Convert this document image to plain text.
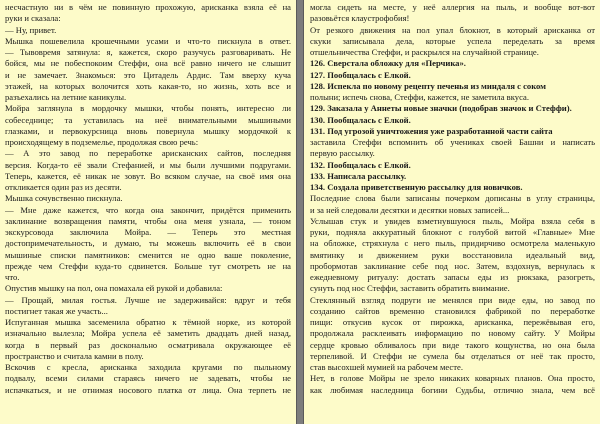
несчастную ни в чём не повинную прохожую, арисканка взяла её на
руки и сказала:
— Ну, привет.
Мышка пошевелила крошечными усами и что-то пискнула в ответ.
— Тывовремя затянула: я, кажется, скоро разучусь разговаривать. Не
бойся, мы не побеспокоим Стеффи, она всё равно ничего не слышит
и не замечает. Знакомься: это Цитадель Ардис. Там вверху куча
этажей, на которых волочится хоть какая-то, но жизнь, хоть все и
разъехались на летние каникулы.
Мойра заглянула в мордочку мышки, чтобы понять, интересно ли
собеседнице; та уставилась на неё внимательными мышиными
глазками, и первокурсница вновь повернула мышку мордочкой к
происходящему в подземелье, продолжая свою речь:
— А это завод по переработке арисканских сайтов, последняя
версия. Когда-то её звали Стефанией, и мы были лучшими подругами.
Теперь, кажется, её никак не зовут. Во всяком случае, на своё имя она
откликается один раз из десяти.
Мышка сочувственно пискнула.
— Мне даже кажется, что когда она закончит, придётся применить
заклинание возвращения памяти, чтобы она меня узнала, — тоном
экскурсовода заключила Мойра. — Теперь это местная
достопримечательность, и думаю, ты можешь включить её в свои
мышиные списки памятников: сменится не одно ваше поколение,
прежде чем Стеффи куда-то сдвинется. Больше тут смотреть не на
что.
Опустив мышку на пол, она помахала ей рукой и добавила:
— Прощай, милая гостья. Лучше не задерживайся: вдруг и тебя
постигнет такая же участь...
Испуганная мышка засеменила обратно к тёмной норке, из которой
изначально вылезла; Мойра успела её заметить двадцать дней назад,
когда в первый раз досконально осматривала окружающее её
пространство и считала камни в полу.
Вскочив с кресла, арисканка заходила кругами по пыльному
подвалу, всеми силами стараясь ничего не задевать, чтобы не
испачкаться, и не отнимая носового платка от лица. Она терпеть не
могла сидеть на месте, у неё аллергия на пыль, и вообще вот-вот
разовьётся клаустрофобия!
От резкого движения на пол упал блокнот, в который арисканка от
скуки записывала дела, которые успела переделать за время
отшельничества Стеффи, и раскрылся на случайной странице.
126. Сверстала обложку для «Перчика».
127. Пообщалась с Елкой.
128. Испекла по новому рецепту печенья из миндаля с соком
полыни; испечь снова, Стеффи, кажется, не заметила вкуса.
129. Заказала у Аннеты новые значки (подобрав значок и Стеффи).
130. Пообщалась с Елкой.
131. Под угрозой уничтожения уже разработанной части сайта
заставила Стеффи вспомнить об учениках своей Башни и написать
первую рассылку.
132. Пообщалась с Елкой.
133. Написала рассылку.
134. Создала приветственную рассылку для новичков.
Последние слова были записаны почерком дописаны в углу страницы,
и за ней следовали десятки и десятки новых записей...
Услышав стук и увидев взметнувшуюся пыль, Мойра взяла себя в
руки, подняла аккуратный блокнот с голубой витой «Главные» Мне
на обложке, стряхнула с него пыль, придирчиво осмотрела маленькую
вмятинку и движением руки восстановила идеальный вид,
пробормотав заклинание себе под нос. Затем, вздохнув, вернулась к
ежедневному ритуалу: достать запасы еды из рюкзака, разогреть,
сунуть под нос Стеффи, заставить обратить внимание.
Стеклянный взгляд подруги не менялся при виде еды, но завод по
созданию сайтов временно становился фабрикой по переработке
пищи: откусив кусок от пирожка, арисканка, пережёвывая его,
продолжала расклеивать информацию по новому сайту. У Мойры
сердце кровью обливалось при виде такого кощунства, но она была
терпеливой. И Стеффи не сумела бы отделаться от неё так просто,
став высохшей мумией на рабочем месте.
Нет, в голове Мойры не зрело никаких коварных планов. Она просто,
как любимая наследница богини Судьбы, отлично знала, чем всё
